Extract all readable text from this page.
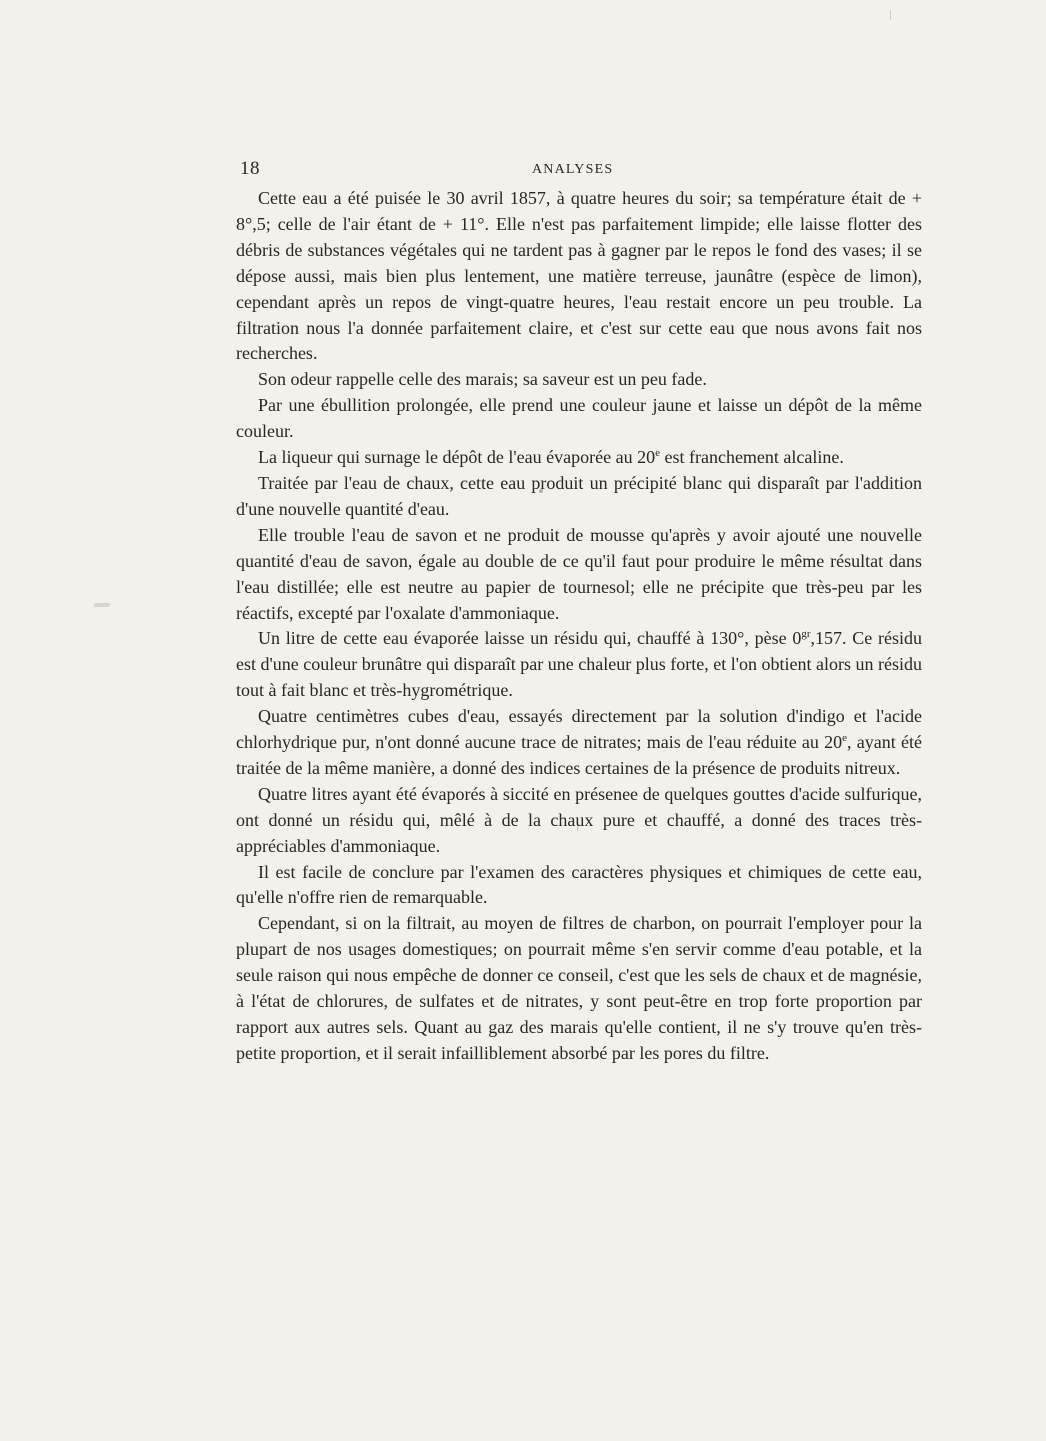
18	ANALYSES

Cette eau a été puisée le 30 avril 1857, à quatre heures du soir; sa température était de + 8°,5; celle de l'air étant de + 11°. Elle n'est pas parfaitement limpide; elle laisse flotter des débris de substances végétales qui ne tardent pas à gagner par le repos le fond des vases; il se dépose aussi, mais bien plus lentement, une matière terreuse, jaunâtre (espèce de limon), cependant après un repos de vingt-quatre heures, l'eau restait encore un peu trouble. La filtration nous l'a donnée parfaitement claire, et c'est sur cette eau que nous avons fait nos recherches.

Son odeur rappelle celle des marais; sa saveur est un peu fade.

Par une ébullition prolongée, elle prend une couleur jaune et laisse un dépôt de la même couleur.

La liqueur qui surnage le dépôt de l'eau évaporée au 20e est franchement alcaline.

Traitée par l'eau de chaux, cette eau produit un précipité blanc qui disparaît par l'addition d'une nouvelle quantité d'eau.

Elle trouble l'eau de savon et ne produit de mousse qu'après y avoir ajouté une nouvelle quantité d'eau de savon, égale au double de ce qu'il faut pour produire le même résultat dans l'eau distillée; elle est neutre au papier de tournesol; elle ne précipite que très-peu par les réactifs, excepté par l'oxalate d'ammoniaque.

Un litre de cette eau évaporée laisse un résidu qui, chauffé à 130°, pèse $0^{gr},157$. Ce résidu est d'une couleur brunâtre qui disparaît par une chaleur plus forte, et l'on obtient alors un résidu tout à fait blanc et très-hygrométrique.

Quatre centimètres cubes d'eau, essayés directement par la solution d'indigo et l'acide chlorhydrique pur, n'ont donné aucune trace de nitrates; mais de l'eau réduite au 20e, ayant été traitée de la même manière, a donné des indices certaines de la présence de produits nitreux.

Quatre litres ayant été évaporés à siccité en présenee de quelques gouttes d'acide sulfurique, ont donné un résidu qui, mêlé à de la chaux pure et chauffé, a donné des traces très-appréciables d'ammoniaque.

Il est facile de conclure par l'examen des caractères physiques et chimiques de cette eau, qu'elle n'offre rien de remarquable.

Cependant, si on la filtrait, au moyen de filtres de charbon, on pourrait l'employer pour la plupart de nos usages domestiques; on pourrait même s'en servir comme d'eau potable, et la seule raison qui nous empêche de donner ce conseil, c'est que les sels de chaux et de magnésie, à l'état de chlorures, de sulfates et de nitrates, y sont peut-être en trop forte proportion par rapport aux autres sels. Quant au gaz des marais qu'elle contient, il ne s'y trouve qu'en très-petite proportion, et il serait infailliblement absorbé par les pores du filtre.
